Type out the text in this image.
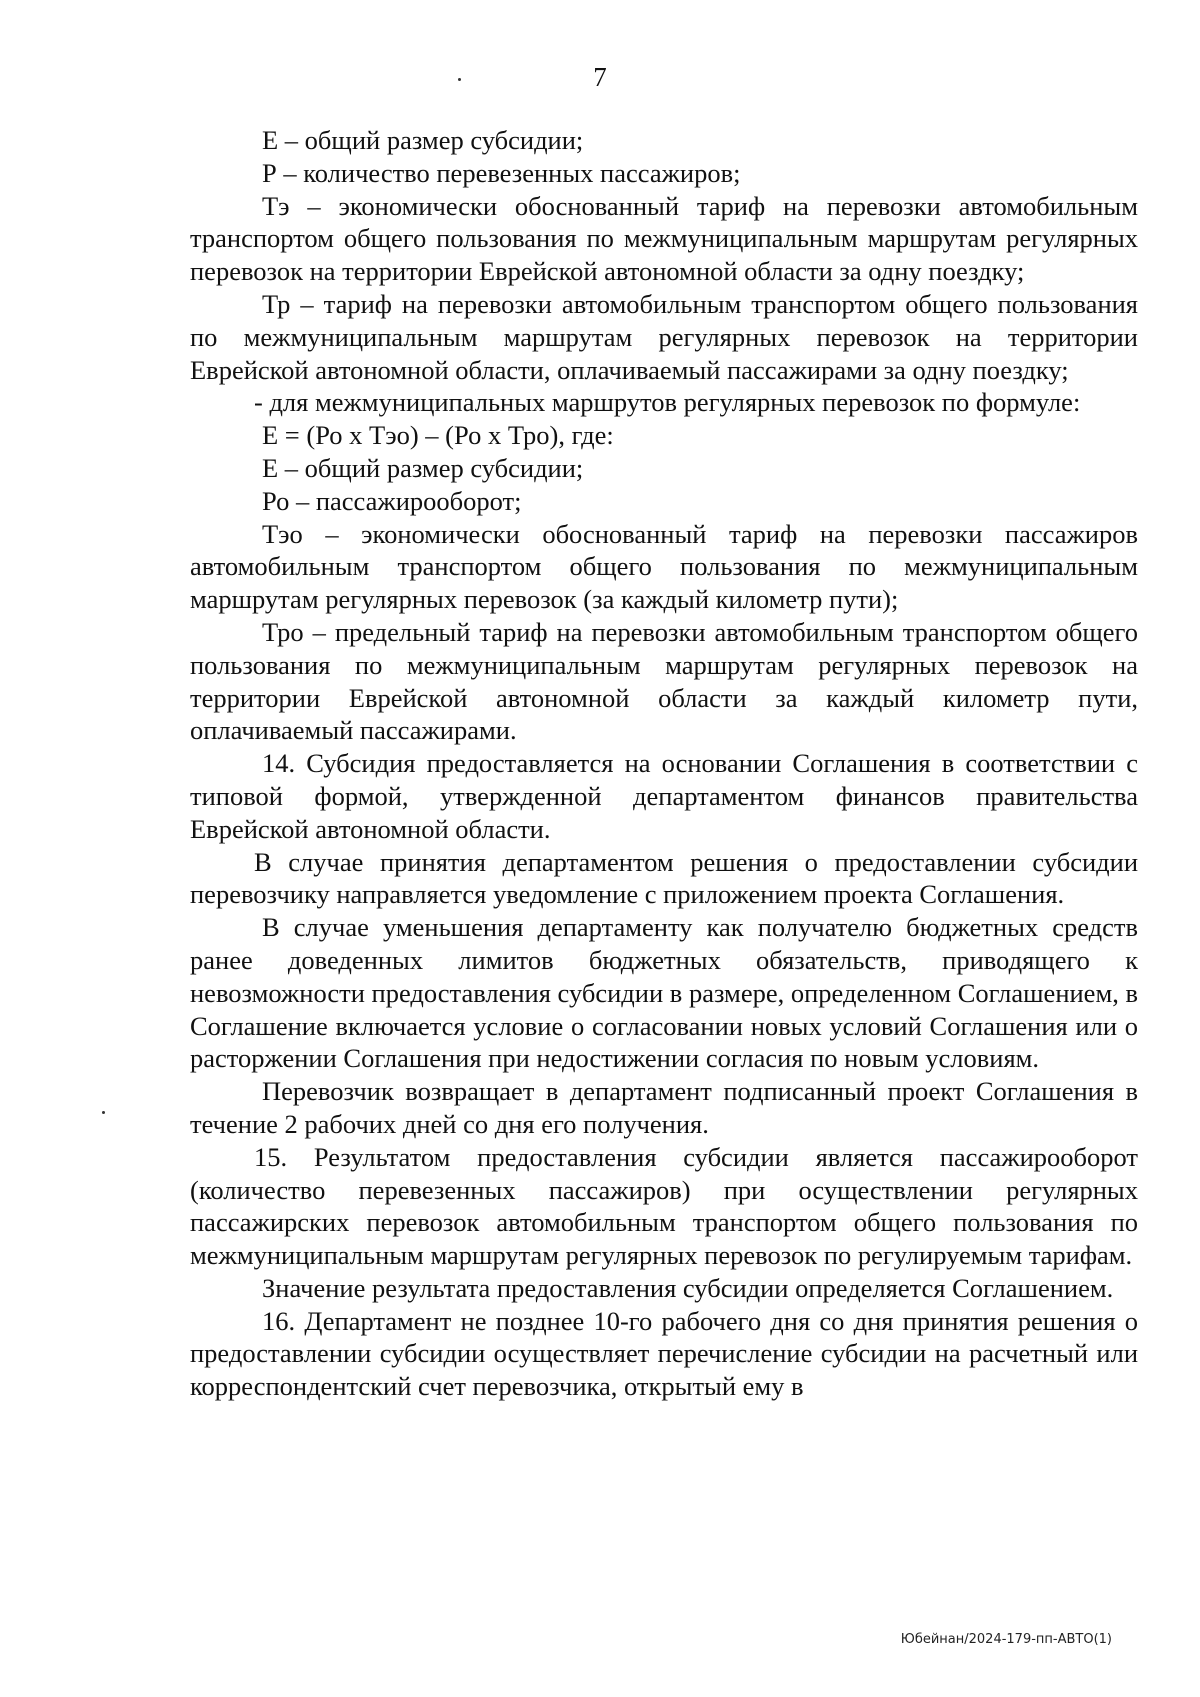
7

Е – общий размер субсидии;

Р – количество перевезенных пассажиров;

Тэ – экономически обоснованный тариф на перевозки автомобильным транспортом общего пользования по межмуниципальным маршрутам регулярных перевозок на территории Еврейской автономной области за одну поездку;

Тр – тариф на перевозки автомобильным транспортом общего пользования по межмуниципальным маршрутам регулярных перевозок на территории Еврейской автономной области, оплачиваемый пассажирами за одну поездку;

- для межмуниципальных маршрутов регулярных перевозок по формуле:

Е = (Ро х Тэо) – (Ро х Тро), где:

Е – общий размер субсидии;

Ро – пассажирооборот;

Тэо – экономически обоснованный тариф на перевозки пассажиров автомобильным транспортом общего пользования по межмуниципальным маршрутам регулярных перевозок (за каждый километр пути);

Тро – предельный тариф на перевозки автомобильным транспортом общего пользования по межмуниципальным маршрутам регулярных перевозок на территории Еврейской автономной области за каждый километр пути, оплачиваемый пассажирами.

14. Субсидия предоставляется на основании Соглашения в соответствии с типовой формой, утвержденной департаментом финансов правительства Еврейской автономной области.

В случае принятия департаментом решения о предоставлении субсидии перевозчику направляется уведомление с приложением проекта Соглашения.

В случае уменьшения департаменту как получателю бюджетных средств ранее доведенных лимитов бюджетных обязательств, приводящего к невозможности предоставления субсидии в размере, определенном Соглашением, в Соглашение включается условие о согласовании новых условий Соглашения или о расторжении Соглашения при недостижении согласия по новым условиям.

Перевозчик возвращает в департамент подписанный проект Соглашения в течение 2 рабочих дней со дня его получения.

15. Результатом предоставления субсидии является пассажирооборот (количество перевезенных пассажиров) при осуществлении регулярных пассажирских перевозок автомобильным транспортом общего пользования по межмуниципальным маршрутам регулярных перевозок по регулируемым тарифам.

Значение результата предоставления субсидии определяется Соглашением.

16. Департамент не позднее 10-го рабочего дня со дня принятия решения о предоставлении субсидии осуществляет перечисление субсидии на расчетный или корреспондентский счет перевозчика, открытый ему в

Юбейнан/2024-179-пп-АВТО(1)
